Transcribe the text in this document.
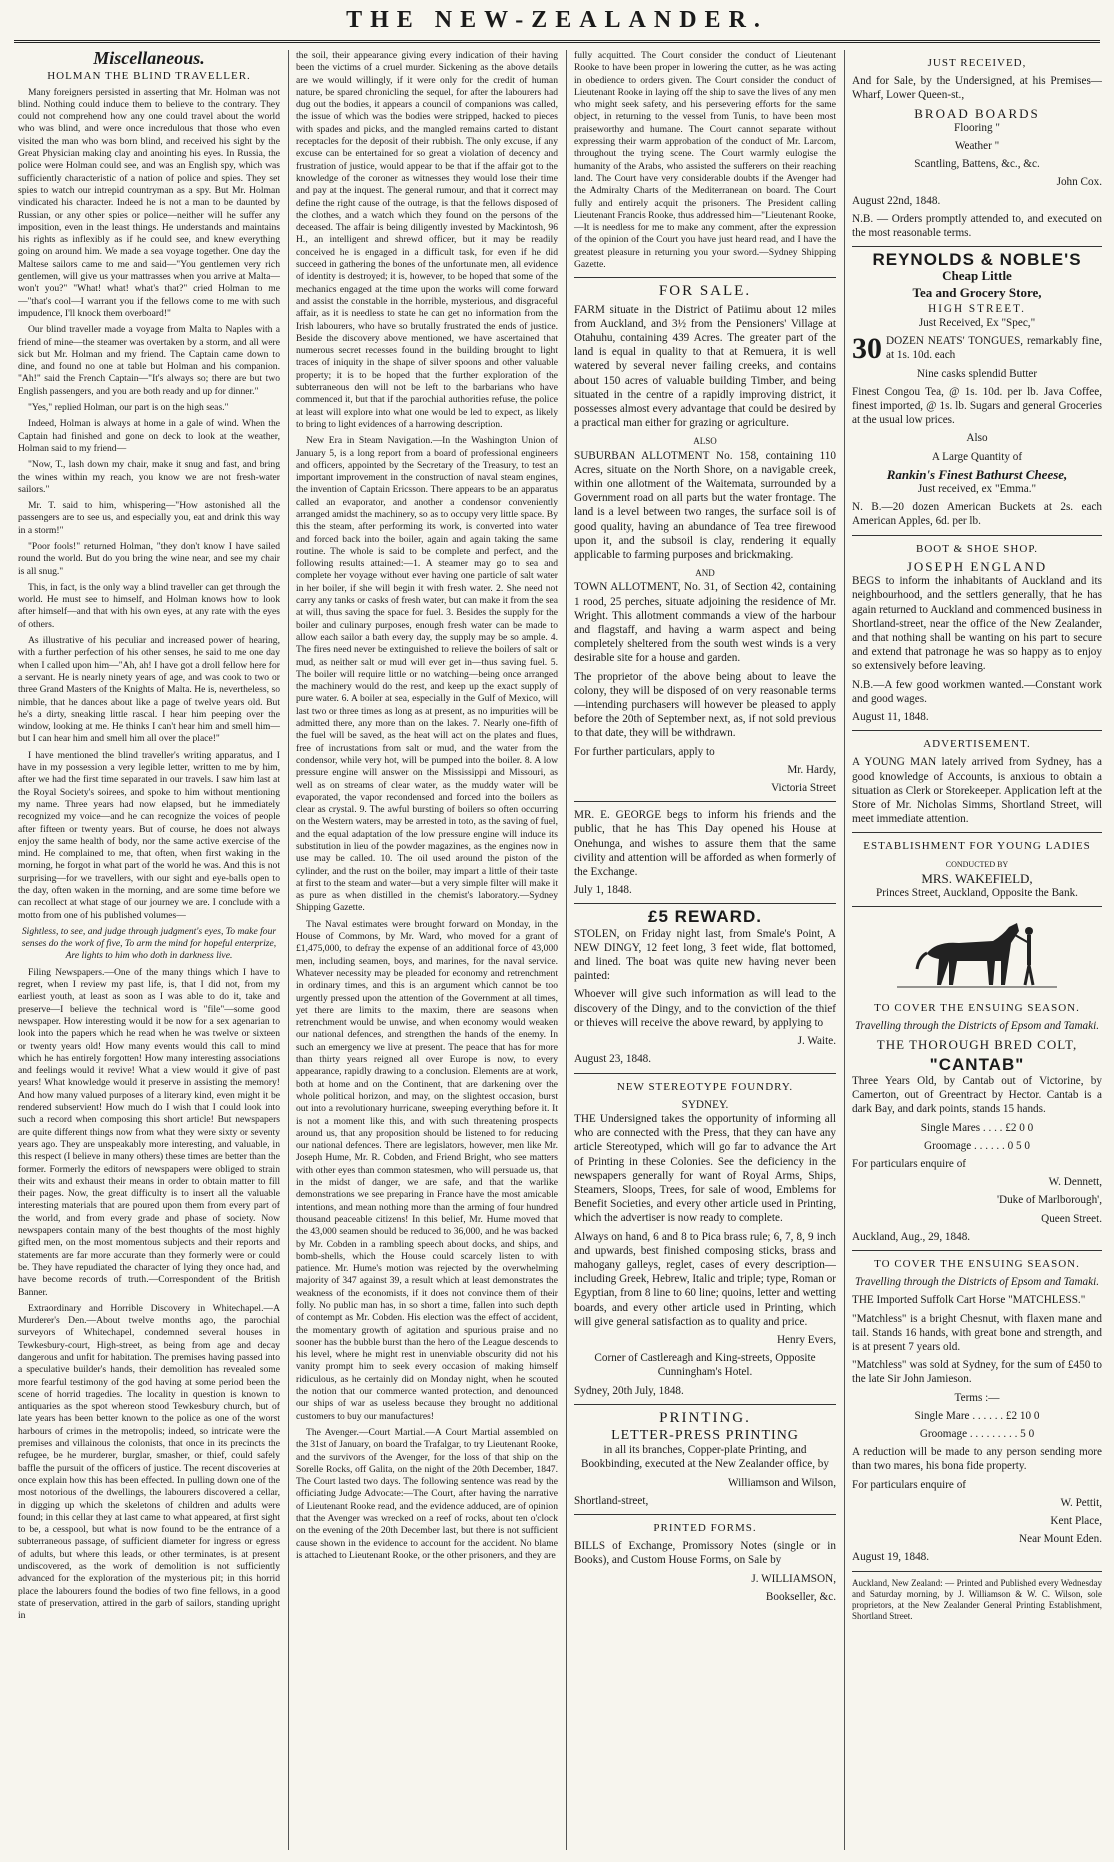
THE NEW-ZEALANDER.
Miscellaneous.
HOLMAN THE BLIND TRAVELLER.

Many foreigners persisted in asserting that Mr. Holman was not blind. Nothing could induce them to believe to the contrary. They could not comprehend how any one could travel about the world who was blind, and were once incredulous that those who even visited the man who was born blind, and received his sight by the Great Physician making clay and anointing his eyes. In Russia, the police were Holman could see, and was an English spy, which was sufficiently characteristic of a nation of police and spies. They set spies to watch our intrepid countryman as a spy. But Mr. Holman vindicated his character. Indeed he is not a man to be daunted by Russian, or any other spies or police—neither will he suffer any imposition, even in the least things. He understands and maintains his rights as inflexibly as if he could see, and knew everything going on around him. We made a sea voyage together. One day the Maltese sailors came to me and said—"You gentlemen very rich gentlemen, will give us your mattrasses when you arrive at Malta—won't you?" "What! what! what's that?" cried Holman to me—"that's cool—I warrant you if the fellows come to me with such impudence, I'll knock them overboard!"

Our blind traveller made a voyage from Malta to Naples with a friend of mine—the steamer was overtaken by a storm, and all were sick but Mr. Holman and my friend. The Captain came down to dine, and found no one at table but Holman and his companion. "Ah!" said the French Captain—"It's always so; there are but two English passengers, and you are both ready and up for dinner."

"Yes," replied Holman, our part is on the high seas."

Indeed, Holman is always at home in a gale of wind. When the Captain had finished and gone on deck to look at the weather, Holman said to my friend—

"Now, T., lash down my chair, make it snug and fast, and bring the wines within my reach, you know we are not fresh-water sailors."

Mr. T. said to him, whispering—"How astonished all the passengers are to see us, and especially you, eat and drink this way in a storm!"

"Poor fools!" returned Holman, "they don't know I have sailed round the world. But do you bring the wine near, and see my chair is all snug."

This, in fact, is the only way a blind traveller can get through the world. He must see to himself, and Holman knows how to look after himself—and that with his own eyes, at any rate with the eyes of others.

As illustrative of his peculiar and increased power of hearing, with a further perfection of his other senses, he said to me one day when I called upon him—"Ah, ah! I have got a droll fellow here for a servant. He is nearly ninety years of age, and was cook to two or three Grand Masters of the Knights of Malta. He is, nevertheless, so nimble, that he dances about like a page of twelve years old. But he's a dirty, sneaking little rascal. I hear him peeping over the window, looking at me. He thinks I can't hear him and smell him—but I can hear him and smell him all over the place!"

I have mentioned the blind traveller's writing apparatus, and I have in my possession a very legible letter, written to me by him, after we had the first time separated in our travels. I saw him last at the Royal Society's soirees, and spoke to him without mentioning my name. Three years had now elapsed, but he immediately recognized my voice—and he can recognize the voices of people after fifteen or twenty years. But of course, he does not always enjoy the same health of body, nor the same active exercise of the mind. He complained to me, that often, when first waking in the morning, he forgot in what part of the world he was. And this is not surprising—for we travellers, with our sight and eye-balls open to the day, often waken in the morning, and are some time before we can recollect at what stage of our journey we are. I conclude with a motto from one of his published volumes—

Sightless, to see, and judge through judgment's eyes, To make four senses do the work of five, To arm the mind for hopeful enterprize, Are lights to him who doth in darkness live.

Filing Newspapers.—One of the many things which I have to regret, when I review my past life, is, that I did not, from my earliest youth, at least as soon as I was able to do it, take and preserve—I believe the technical word is "file"—some good newspaper. How interesting would it be now for a sex agenarian to look into the papers which he read when he was twelve or sixteen or twenty years old! How many events would this call to mind which he has entirely forgotten! How many interesting associations and feelings would it revive! What a view would it give of past years! What knowledge would it preserve in assisting the memory! And how many valued purposes of a literary kind, even might it be rendered subservient! How much do I wish that I could look into such a record when composing this short article! But newspapers are quite different things now from what they were sixty or seventy years ago. They are unspeakably more interesting, and valuable, in this respect (I believe in many others) these times are better than the former. Formerly the editors of newspapers were obliged to strain their wits and exhaust their means in order to obtain matter to fill their pages. Now, the great difficulty is to insert all the valuable interesting materials that are poured upon them from every part of the world, and from every grade and phase of society. Now newspapers contain many of the best thoughts of the most highly gifted men, on the most momentous subjects and their reports and statements are far more accurate than they formerly were or could be. They have repudiated the character of lying they once had, and have become records of truth.—Correspondent of the British Banner.

Extraordinary and Horrible Discovery in Whitechapel.—A Murderer's Den.—About twelve months ago, the parochial surveyors of Whitechapel, condemned several houses in Tewkesbury-court, High-street, as being from age and decay dangerous and unfit for habitation. The premises having passed into a speculative builder's hands, their demolition has revealed some more fearful testimony of the god having at some period been the scene of horrid tragedies. The locality in question is known to antiquaries as the spot whereon stood Tewkesbury church, but of late years has been better known to the police as one of the worst harbours of crimes in the metropolis; indeed, so intricate were the premises and villainous the colonists, that once in its precincts the refugee, be he murderer, burglar, smasher, or thief, could safely baffle the pursuit of the officers of justice. The recent discoveries at once explain how this has been effected. In pulling down one of the most notorious of the dwellings, the labourers discovered a cellar, in digging up which the skeletons of children and adults were found; in this cellar they at last came to what appeared, at first sight to be, a cesspool, but what is now found to be the entrance of a subterraneous passage, of sufficient diameter for ingress or egress of adults, but where this leads, or other terminates, is at present undiscovered, as the work of demolition is not sufficiently advanced for the exploration of the mysterious pit; in this horrid place the labourers found the bodies of two fine fellows, in a good state of preservation, attired in the garb of sailors, standing upright in

the soil, their appearance giving every indication of their having been the victims of a cruel murder. Sickening as the above details are we would willingly, if it were only for the credit of human nature, be spared chronicling the sequel, for after the labourers had dug out the bodies, it appears a council of companions was called, the issue of which was the bodies were stripped, hacked to pieces with spades and picks, and the mangled remains carted to distant receptacles for the deposit of their rubbish. The only excuse, if any excuse can be entertained for so great a violation of decency and frustration of justice, would appear to be that if the affair got to the knowledge of the coroner as witnesses they would lose their time and pay at the inquest. The general rumour, and that it correct may define the right cause of the outrage, is that the fellows disposed of the clothes, and a watch which they found on the persons of the deceased. The affair is being diligently invested by Mackintosh, 96 H., an intelligent and shrewd officer, but it may be readily conceived he is engaged in a difficult task, for even if he did succeed in gathering the bones of the unfortunate men, all evidence of identity is destroyed; it is, however, to be hoped that some of the mechanics engaged at the time upon the works will come forward and assist the constable in the horrible, mysterious, and disgraceful affair, as it is needless to state he can get no information from the Irish labourers, who have so brutally frustrated the ends of justice. Beside the discovery above mentioned, we have ascertained that numerous secret recesses found in the building brought to light traces of iniquity in the shape of silver spoons and other valuable property; it is to be hoped that the further exploration of the subterraneous den will not be left to the barbarians who have commenced it, but that if the parochial authorities refuse, the police at least will explore into what one would be led to expect, as likely to bring to light evidences of a harrowing description.

New Era in Steam Navigation.—In the Washington Union of January 5, is a long report from a board of professional engineers and officers, appointed by the Secretary of the Treasury, to test an important improvement in the construction of naval steam engines, the invention of Captain Ericsson. There appears to be an apparatus called an evaporator, and another a condensor conveniently arranged amidst the machinery, so as to occupy very little space. By this the steam, after performing its work, is converted into water and forced back into the boiler, again and again taking the same routine. The whole is said to be complete and perfect, and the following results attained:—1. A steamer may go to sea and complete her voyage without ever having one particle of salt water in her boiler, if she will begin it with fresh water. 2. She need not carry any tanks or casks of fresh water, but can make it from the sea at will, thus saving the space for fuel. 3. Besides the supply for the boiler and culinary purposes, enough fresh water can be made to allow each sailor a bath every day, the supply may be so ample. 4. The fires need never be extinguished to relieve the boilers of salt or mud, as neither salt or mud will ever get in—thus saving fuel. 5. The boiler will require little or no watching—being once arranged the machinery would do the rest, and keep up the exact supply of pure water. 6. A boiler at sea, especially in the Gulf of Mexico, will last two or three times as long as at present, as no impurities will be admitted there, any more than on the lakes. 7. Nearly one-fifth of the fuel will be saved, as the heat will act on the plates and flues, free of incrustations from salt or mud, and the water from the condensor, while very hot, will be pumped into the boiler. 8. A low pressure engine will answer on the Mississippi and Missouri, as well as on streams of clear water, as the muddy water will be evaporated, the vapor recondensed and forced into the boilers as clear as crystal. 9. The awful bursting of boilers so often occurring on the Western waters, may be arrested in toto, as the saving of fuel, and the equal adaptation of the low pressure engine will induce its substitution in lieu of the powder magazines, as the engines now in use may be called. 10. The oil used around the piston of the cylinder, and the rust on the boiler, may impart a little of their taste at first to the steam and water—but a very simple filter will make it as pure as when distilled in the chemist's laboratory.—Sydney Shipping Gazette.

The Naval estimates were brought forward on Monday, in the House of Commons, by Mr. Ward, who moved for a grant of £1,475,000, to defray the expense of an additional force of 43,000 men, including seamen, boys, and marines, for the naval service. Whatever necessity may be pleaded for economy and retrenchment in ordinary times, and this is an argument which cannot be too urgently pressed upon the attention of the Government at all times, yet there are limits to the maxim, there are seasons when retrenchment would be unwise, and when economy would weaken our national defences, and strengthen the hands of the enemy. In such an emergency we live at present. The peace that has for more than thirty years reigned all over Europe is now, to every appearance, rapidly drawing to a conclusion. Elements are at work, both at home and on the Continent, that are darkening over the whole political horizon, and may, on the slightest occasion, burst out into a revolutionary hurricane, sweeping everything before it. It is not a moment like this, and with such threatening prospects around us, that any proposition should be listened to for reducing our national defences. There are legislators, however, men like Mr. Joseph Hume, Mr. R. Cobden, and Friend Bright, who see matters with other eyes than common statesmen, who will persuade us, that in the midst of danger, we are safe, and that the warlike demonstrations we see preparing in France have the most amicable intentions, and mean nothing more than the arming of four hundred thousand peaceable citizens! In this belief, Mr. Hume moved that the 43,000 seamen should be reduced to 36,000, and he was backed by Mr. Cobden in a rambling speech about docks, and ships, and bomb-shells, which the House could scarcely listen to with patience. Mr. Hume's motion was rejected by the overwhelming majority of 347 against 39, a result which at least demonstrates the weakness of the economists, if it does not convince them of their folly. No public man has, in so short a time, fallen into such depth of contempt as Mr. Cobden. His election was the effect of accident, the momentary growth of agitation and spurious praise and no sooner has the bubble burst than the hero of the League descends to his level, where he might rest in unenviable obscurity did not his vanity prompt him to seek every occasion of making himself ridiculous, as he certainly did on Monday night, when he scouted the notion that our commerce wanted protection, and denounced our ships of war as useless because they brought no additional customers to buy our manufactures!

The Avenger.—Court Martial.—A Court Martial assembled on the 31st of January, on board the Trafalgar, to try Lieutenant Rooke, and the survivors of the Avenger, for the loss of that ship on the Sorelle Rocks, off Galita, on the night of the 20th December, 1847. The Court lasted two days. The following sentence was read by the officiating Judge Advocate:—The Court, after having the narrative of Lieutenant Rooke read, and the evidence adduced, are of opinion that the Avenger was wrecked on a reef of rocks, about ten o'clock on the evening of the 20th December last, but there is not sufficient cause shown in the evidence to account for the accident. No blame is attached to Lieutenant Rooke, or the other prisoners, and they are

fully acquitted. The Court consider the conduct of Lieutenant Rooke to have been proper in lowering the cutter, as he was acting in obedience to orders given. The Court consider the conduct of Lieutenant Rooke in laying off the ship to save the lives of any men who might seek safety, and his persevering efforts for the same object, in returning to the vessel from Tunis, to have been most praiseworthy and humane. The Court cannot separate without expressing their warm approbation of the conduct of Mr. Larcom, throughout the trying scene. The Court warmly eulogise the humanity of the Arabs, who assisted the sufferers on their reaching land. The Court have very considerable doubts if the Avenger had the Admiralty Charts of the Mediterranean on board. The Court fully and entirely acquit the prisoners. The President calling Lieutenant Francis Rooke, thus addressed him—"Lieutenant Rooke, —It is needless for me to make any comment, after the expression of the opinion of the Court you have just heard read, and I have the greatest pleasure in returning you your sword.—Sydney Shipping Gazette.

FOR SALE.

FARM situate in the District of Patiimu about 12 miles from Auckland, and 3½ from the Pensioners' Village at Otahuhu, containing 439 Acres. The greater part of the land is equal in quality to that at Remuera, it is well watered by several never failing creeks, and contains about 150 acres of valuable building Timber, and being situated in the centre of a rapidly improving district, it possesses almost every advantage that could be desired by a practical man either for grazing or agriculture.

ALSO

SUBURBAN ALLOTMENT No. 158, containing 110 Acres, situate on the North Shore, on a navigable creek, within one allotment of the Waitemata, surrounded by a Government road on all parts but the water frontage. The land is a level between two ranges, the surface soil is of good quality, having an abundance of Tea tree firewood upon it, and the subsoil is clay, rendering it equally applicable to farming purposes and brickmaking.

AND

TOWN ALLOTMENT, No. 31, of Section 42, containing 1 rood, 25 perches, situate adjoining the residence of Mr. Wright. This allotment commands a view of the harbour and flagstaff, and having a warm aspect and being completely sheltered from the south west winds is a very desirable site for a house and garden.

The proprietor of the above being about to leave the colony, they will be disposed of on very reasonable terms—intending purchasers will however be pleased to apply before the 20th of September next, as, if not sold previous to that date, they will be withdrawn.

For further particulars, apply to

Mr. Hardy,

Victoria Street

MR. E. GEORGE begs to inform his friends and the public, that he has This Day opened his House at Onehunga, and wishes to assure them that the same civility and attention will be afforded as when formerly of the Exchange.

July 1, 1848.

£5 REWARD.

STOLEN, on Friday night last, from Smale's Point, A NEW DINGY, 12 feet long, 3 feet wide, flat bottomed, and lined. The boat was quite new having never been painted:

Whoever will give such information as will lead to the discovery of the Dingy, and to the conviction of the thief or thieves will receive the above reward, by applying to

J. Waite.

August 23, 1848.

NEW STEREOTYPE FOUNDRY.
SYDNEY.

THE Undersigned takes the opportunity of informing all who are connected with the Press, that they can have any article Stereotyped, which will go far to advance the Art of Printing in these Colonies. See the deficiency in the newspapers generally for want of Royal Arms, Ships, Steamers, Sloops, Trees, for sale of wood, Emblems for Benefit Societies, and every other article used in Printing, which the advertiser is now ready to complete.

Always on hand, 6 and 8 to Pica brass rule; 6, 7, 8, 9 inch and upwards, best finished composing sticks, brass and mahogany galleys, reglet, cases of every description—including Greek, Hebrew, Italic and triple; type, Roman or Egyptian, from 8 line to 60 line; quoins, letter and wetting boards, and every other article used in Printing, which will give general satisfaction as to quality and price.

Henry Evers,

Corner of Castlereagh and King-streets, Opposite Cunningham's Hotel.

Sydney, 20th July, 1848.

PRINTING.
LETTER-PRESS PRINTING

in all its branches, Copper-plate Printing, and Bookbinding, executed at the New Zealander office, by

Williamson and Wilson,

Shortland-street,

PRINTED FORMS.

BILLS of Exchange, Promissory Notes (single or in Books), and Custom House Forms, on Sale by

J. WILLIAMSON,

Bookseller, &c.

JUST RECEIVED,

And for Sale, by the Undersigned, at his Premises—Wharf, Lower Queen-st.,

BROAD BOARDS

Flooring "

Weather "

Scantling, Battens, &c., &c.

John Cox.

August 22nd, 1848.

N.B. — Orders promptly attended to, and executed on the most reasonable terms.

REYNOLDS & NOBLE'S
Cheap Little
Tea and Grocery Store,
HIGH STREET.

Just Received, Ex "Spec,"

30 DOZEN NEATS' TONGUES, remarkably fine, at 1s. 10d. each

Nine casks splendid Butter

Finest Congou Tea, @ 1s. 10d. per lb. Java Coffee, finest imported, @ 1s. lb. Sugars and general Groceries at the usual low prices.

Also

A Large Quantity of

Rankin's Finest Bathurst Cheese,

Just received, ex "Emma."

N. B.—20 dozen American Buckets at 2s. each American Apples, 6d. per lb.

BOOT & SHOE SHOP.
JOSEPH ENGLAND

BEGS to inform the inhabitants of Auckland and its neighbourhood, and the settlers generally, that he has again returned to Auckland and commenced business in Shortland-street, near the office of the New Zealander, and that nothing shall be wanting on his part to secure and extend that patronage he was so happy as to enjoy so extensively before leaving.

N.B.—A few good workmen wanted.—Constant work and good wages.

August 11, 1848.

ADVERTISEMENT.

A YOUNG MAN lately arrived from Sydney, has a good knowledge of Accounts, is anxious to obtain a situation as Clerk or Storekeeper. Application left at the Store of Mr. Nicholas Simms, Shortland Street, will meet immediate attention.

ESTABLISHMENT FOR YOUNG LADIES
CONDUCTED BY
MRS. WAKEFIELD,

Princes Street, Auckland, Opposite the Bank.

TO COVER THE ENSUING SEASON.

Travelling through the Districts of Epsom and Tamaki.

THE THOROUGH BRED COLT,
"CANTAB"

Three Years Old, by Cantab out of Victorine, by Camerton, out of Greentract by Hector. Cantab is a dark Bay, and dark points, stands 15 hands.

Single Mares . . . . £2 0 0

Groomage . . . . . . 0 5 0

For particulars enquire of

W. Dennett,

'Duke of Marlborough',

Queen Street.

Auckland, Aug., 29, 1848.

TO COVER THE ENSUING SEASON.

Travelling through the Districts of Epsom and Tamaki.

THE Imported Suffolk Cart Horse "MATCHLESS."

"Matchless" is a bright Chesnut, with flaxen mane and tail. Stands 16 hands, with great bone and strength, and is at present 7 years old.

"Matchless" was sold at Sydney, for the sum of £450 to the late Sir John Jamieson.

Terms :—

Single Mare . . . . . . £2 10 0

Groomage . . . . . . . . . 5 0

A reduction will be made to any person sending more than two mares, his bona fide property.

For particulars enquire of

W. Pettit,

Kent Place,

Near Mount Eden.

August 19, 1848.

Auckland, New Zealand: — Printed and Published every Wednesday and Saturday morning, by J. Williamson & W. C. Wilson, sole proprietors, at the New Zealander General Printing Establishment, Shortland Street.
